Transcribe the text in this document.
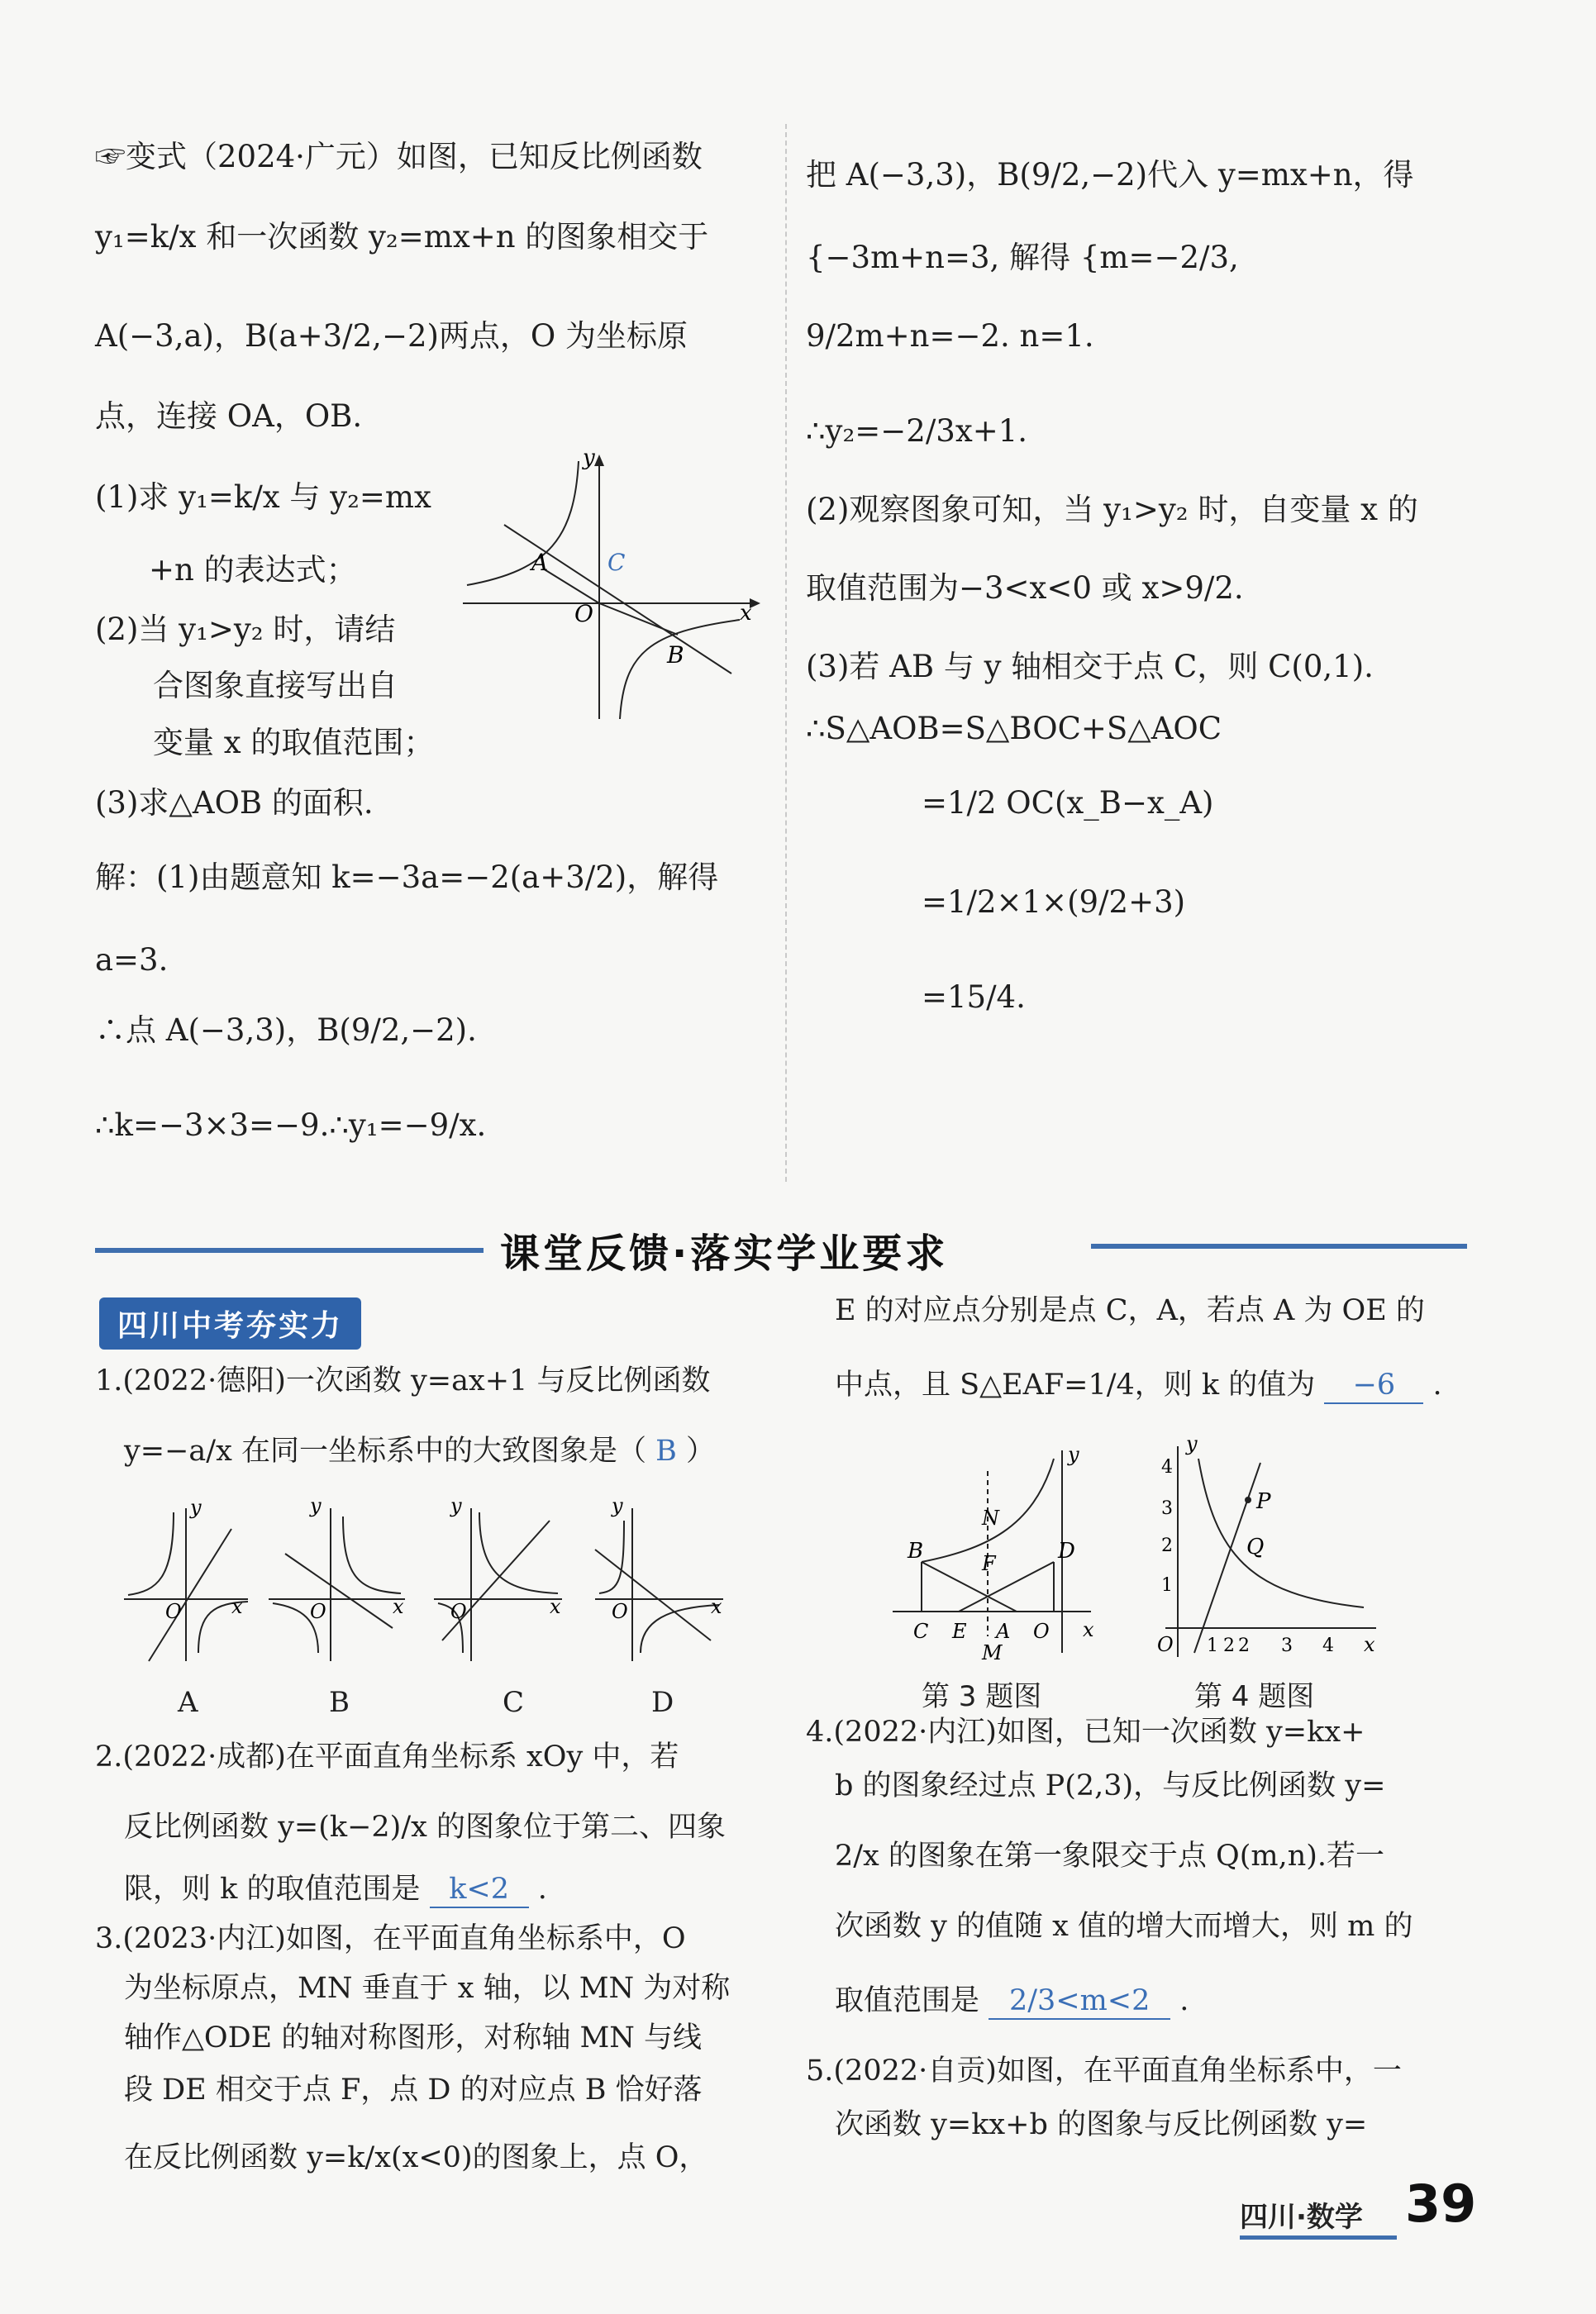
☞变式（2024·广元）如图，已知反比例函数
y₁=k/x 和一次函数 y₂=mx+n 的图象相交于
A(−3,a)，B(a+3/2,−2)两点，O 为坐标原
点，连接 OA，OB.
(1)求 y₁=k/x 与 y₂=mx
+n 的表达式；
(2)当 y₁>y₂ 时，请结
合图象直接写出自
变量 x 的取值范围；
(3)求△AOB 的面积.
解：(1)由题意知 k=−3a=−2(a+3/2)，解得
a=3.
∴点 A(−3,3)，B(9/2,−2).
∴k=−3×3=−9.∴y₁=−9/x.
A	C
O
B
y
x
把 A(−3,3)，B(9/2,−2)代入 y=mx+n，得
{−3m+n=3, 解得 {m=−2/3,
9/2m+n=−2. n=1.
∴y₂=−2/3x+1.
(2)观察图象可知，当 y₁>y₂ 时，自变量 x 的
取值范围为−3<x<0 或 x>9/2.
(3)若 AB 与 y 轴相交于点 C，则 C(0,1).
∴S△AOB=S△BOC+S△AOC
=1/2 OC(x_B−x_A)
=1/2×1×(9/2+3)
=15/4.
课堂反馈·落实学业要求
四川中考夯实力
1.(2022·德阳)一次函数 y=ax+1 与反比例函数
y=−a/x 在同一坐标系中的大致图象是（ B ）
O	x
y
O	x
y
O	x
y
O	x
y
A	B	C	D
2.(2022·成都)在平面直角坐标系 xOy 中，若
反比例函数 y=(k−2)/x 的图象位于第二、四象
限，则 k 的取值范围是 k<2 .
3.(2023·内江)如图，在平面直角坐标系中，O
为坐标原点，MN 垂直于 x 轴，以 MN 为对称
轴作△ODE 的轴对称图形，对称轴 MN 与线
段 DE 相交于点 F，点 D 的对应点 B 恰好落
在反比例函数 y=k/x(x<0)的图象上，点 O，
E 的对应点分别是点 C，A，若点 A 为 OE 的
中点，且 S△EAF=1/4，则 k 的值为 −6 .
B	D
F
N
C E A O
M
y
x
第 3 题图
P
Q
4
3
2
1
O 1 2 2 3 4 x
y
第 4 题图
4.(2022·内江)如图，已知一次函数 y=kx+
b 的图象经过点 P(2,3)，与反比例函数 y=
2/x 的图象在第一象限交于点 Q(m,n).若一
次函数 y 的值随 x 值的增大而增大，则 m 的
取值范围是 2/3<m<2 .
5.(2022·自贡)如图，在平面直角坐标系中，一
次函数 y=kx+b 的图象与反比例函数 y=
四川·数学 39
